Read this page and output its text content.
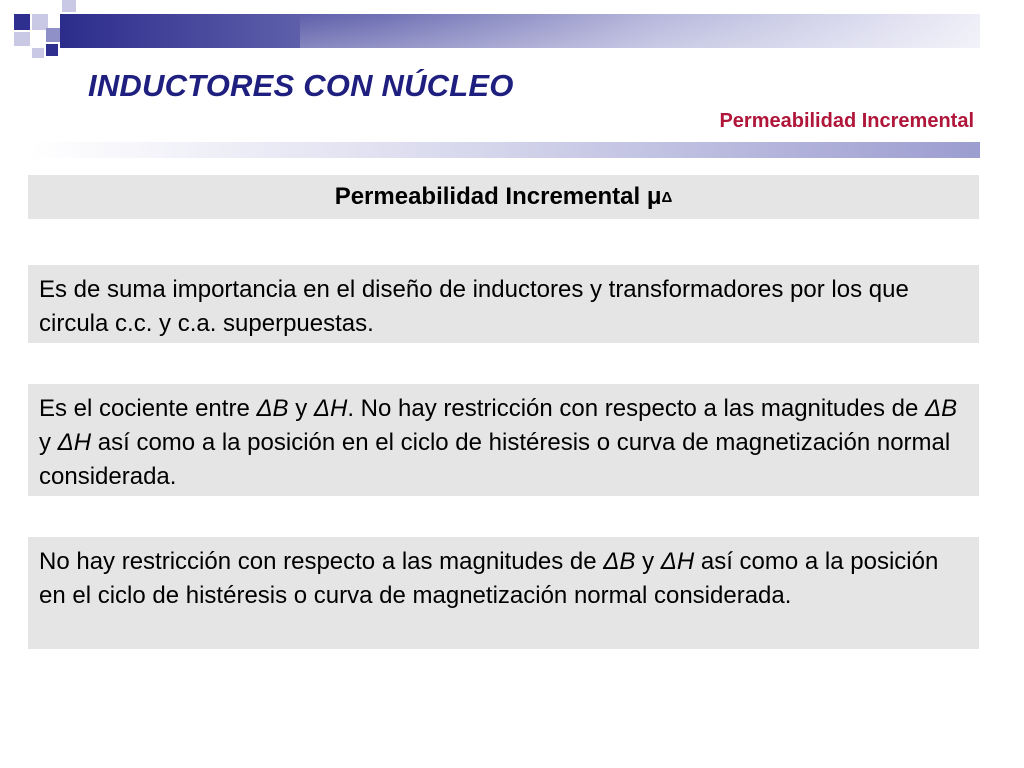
INDUCTORES CON NÚCLEO
Permeabilidad Incremental
Permeabilidad Incremental μ Δ
Es de suma importancia en el diseño de inductores y transformadores por los que circula c.c. y c.a. superpuestas.
Es el cociente entre ΔB y ΔH. No hay restricción con respecto a las magnitudes de ΔB y ΔH así como a la posición en el ciclo de histéresis o curva de magnetización normal considerada.
No hay restricción con respecto a las magnitudes de ΔB y ΔH así como a la posición en el ciclo de histéresis o curva de magnetización normal considerada.
